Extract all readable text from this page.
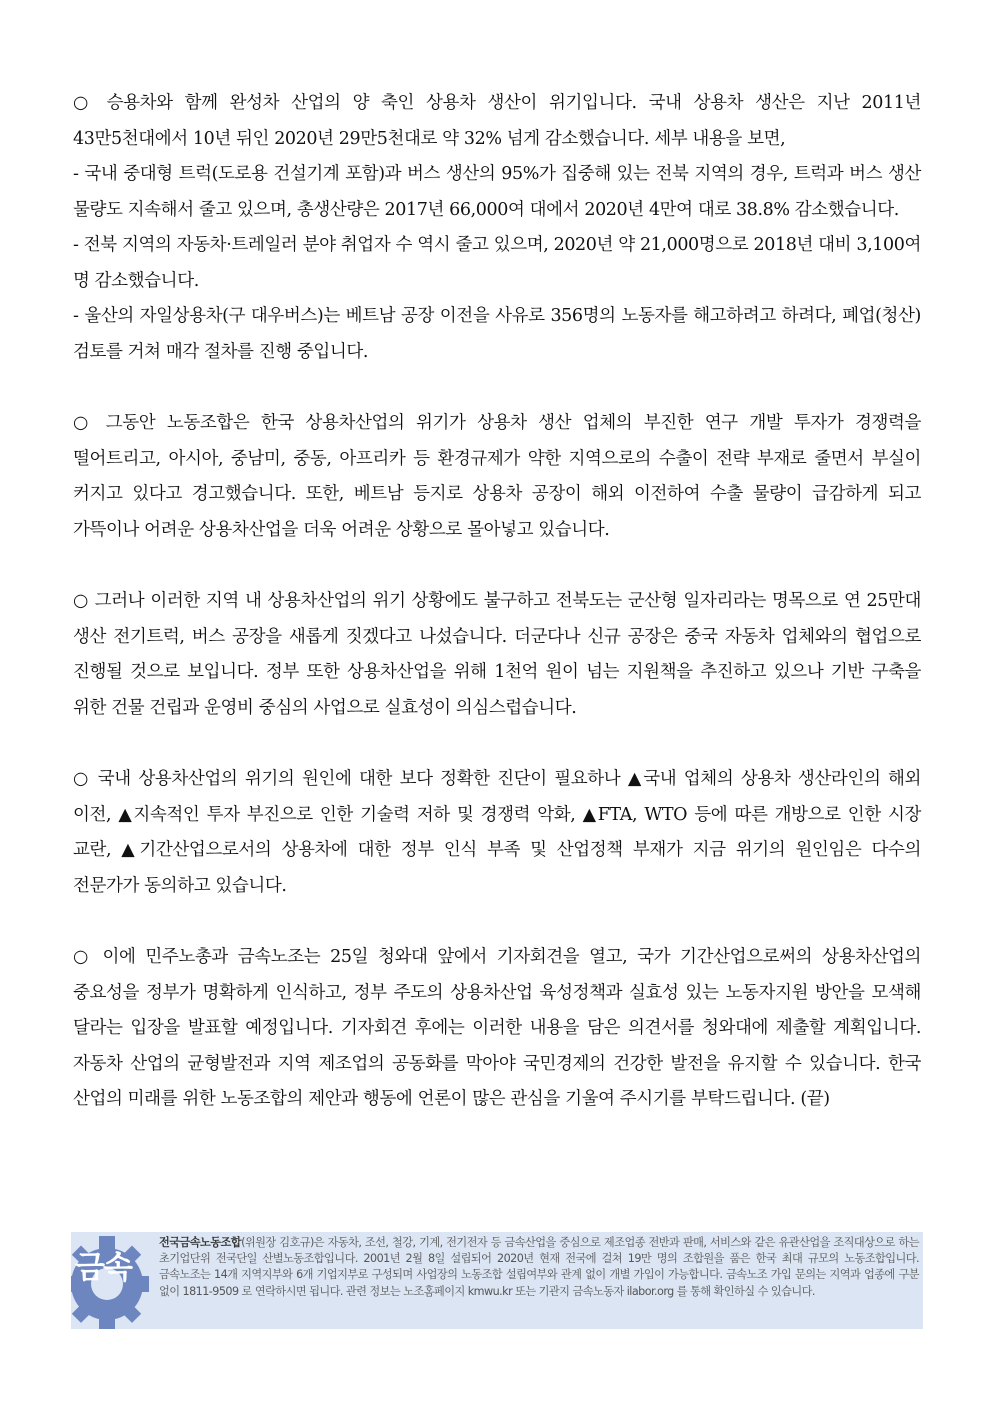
○ 승용차와 함께 완성차 산업의 양 축인 상용차 생산이 위기입니다. 국내 상용차 생산은 지난 2011년 43만5천대에서 10년 뒤인 2020년 29만5천대로 약 32% 넘게 감소했습니다. 세부 내용을 보면,

- 국내 중대형 트럭(도로용 건설기계 포함)과 버스 생산의 95%가 집중해 있는 전북 지역의 경우, 트럭과 버스 생산 물량도 지속해서 줄고 있으며, 총생산량은 2017년 66,000여 대에서 2020년 4만여 대로 38.8% 감소했습니다.

- 전북 지역의 자동차·트레일러 분야 취업자 수 역시 줄고 있으며, 2020년 약 21,000명으로 2018년 대비 3,100여 명 감소했습니다.

- 울산의 자일상용차(구 대우버스)는 베트남 공장 이전을 사유로 356명의 노동자를 해고하려고 하려다, 폐업(청산) 검토를 거쳐 매각 절차를 진행 중입니다.

○ 그동안 노동조합은 한국 상용차산업의 위기가 상용차 생산 업체의 부진한 연구 개발 투자가 경쟁력을 떨어트리고, 아시아, 중남미, 중동, 아프리카 등 환경규제가 약한 지역으로의 수출이 전략 부재로 줄면서 부실이 커지고 있다고 경고했습니다. 또한, 베트남 등지로 상용차 공장이 해외 이전하여 수출 물량이 급감하게 되고 가뜩이나 어려운 상용차산업을 더욱 어려운 상황으로 몰아넣고 있습니다.

○ 그러나 이러한 지역 내 상용차산업의 위기 상황에도 불구하고 전북도는 군산형 일자리라는 명목으로 연 25만대 생산 전기트럭, 버스 공장을 새롭게 짓겠다고 나섰습니다. 더군다나 신규 공장은 중국 자동차 업체와의 협업으로 진행될 것으로 보입니다. 정부 또한 상용차산업을 위해 1천억 원이 넘는 지원책을 추진하고 있으나 기반 구축을 위한 건물 건립과 운영비 중심의 사업으로 실효성이 의심스럽습니다.

○ 국내 상용차산업의 위기의 원인에 대한 보다 정확한 진단이 필요하나 ▲국내 업체의 상용차 생산라인의 해외 이전, ▲지속적인 투자 부진으로 인한 기술력 저하 및 경쟁력 악화, ▲FTA, WTO 등에 따른 개방으로 인한 시장 교란, ▲기간산업으로서의 상용차에 대한 정부 인식 부족 및 산업정책 부재가 지금 위기의 원인임은 다수의 전문가가 동의하고 있습니다.

○ 이에 민주노총과 금속노조는 25일 청와대 앞에서 기자회견을 열고, 국가 기간산업으로써의 상용차산업의 중요성을 정부가 명확하게 인식하고, 정부 주도의 상용차산업 육성정책과 실효성 있는 노동자지원 방안을 모색해 달라는 입장을 발표할 예정입니다. 기자회견 후에는 이러한 내용을 담은 의견서를 청와대에 제출할 계획입니다. 자동차 산업의 균형발전과 지역 제조업의 공동화를 막아야 국민경제의 건강한 발전을 유지할 수 있습니다. 한국 산업의 미래를 위한 노동조합의 제안과 행동에 언론이 많은 관심을 기울여 주시기를 부탁드립니다. (끝)

금속
전국금속노동조합(위원장 김호규)은 자동차, 조선, 철강, 기계, 전기전자 등 금속산업을 중심으로 제조업종 전반과 판매, 서비스와 같은 유관산업을 조직대상으로 하는 초기업단위 전국단일 산별노동조합입니다. 2001년 2월 8일 설립되어 2020년 현재 전국에 걸쳐 19만 명의 조합원을 품은 한국 최대 규모의 노동조합입니다. 금속노조는 14개 지역지부와 6개 기업지부로 구성되며 사업장의 노동조합 설립여부와 관계 없이 개별 가입이 가능합니다. 금속노조 가입 문의는 지역과 업종에 구분 없이 1811-9509 로 연락하시면 됩니다. 관련 정보는 노조홈페이지 kmwu.kr 또는 기관지 금속노동자 ilabor.org 를 통해 확인하실 수 있습니다.
